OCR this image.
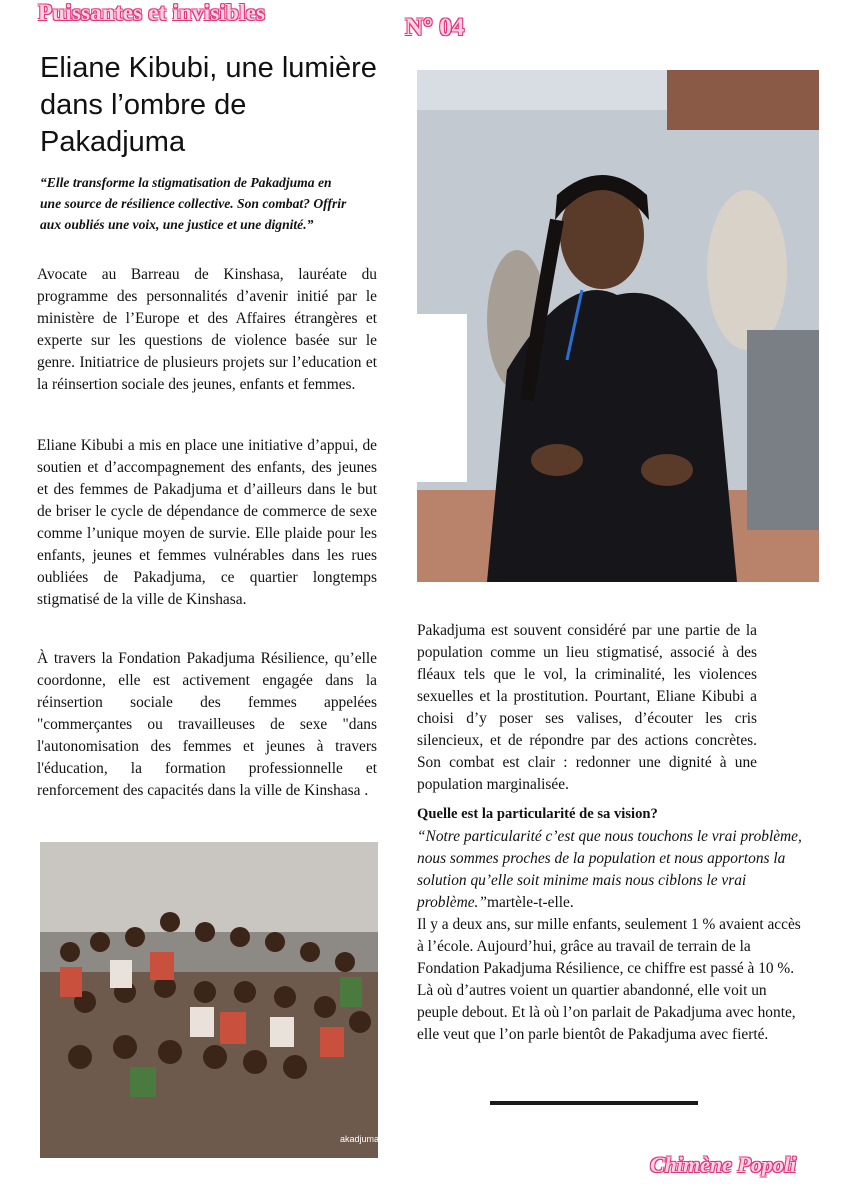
Puissantes et invisibles
N° 04
Eliane Kibubi, une lumière dans l’ombre de Pakadjuma
“Elle transforme la stigmatisation de Pakadjuma en une source de résilience collective. Son combat? Offrir aux oubliés une voix, une justice et une dignité.”
Avocate au Barreau de Kinshasa, lauréate du programme des personnalités d’avenir initié par le ministère de l’Europe et des Affaires étrangères et experte sur les questions de violence basée sur le genre. Initiatrice de plusieurs projets sur l’education et la réinsertion sociale des jeunes, enfants et femmes.
Eliane Kibubi a mis en place une initiative d’appui, de soutien et d’accompagnement des enfants, des jeunes et des femmes de Pakadjuma et d’ailleurs dans le but de briser le cycle de dépendance de commerce de sexe comme l’unique moyen de survie. Elle plaide pour les enfants, jeunes et femmes vulnérables dans les rues oubliées de Pakadjuma, ce quartier longtemps stigmatisé de la ville de Kinshasa.
À travers la Fondation Pakadjuma Résilience, qu’elle coordonne, elle est activement engagée dans la réinsertion sociale des femmes appelées "commerçantes ou travailleuses de sexe "dans l'autonomisation des femmes et jeunes à travers l'éducation, la formation professionnelle et renforcement des capacités dans la ville de Kinshasa .
Pakadjuma est souvent considéré par une partie de la population comme un lieu stigmatisé, associé à des fléaux tels que le vol, la criminalité, les violences sexuelles et la prostitution. Pourtant, Eliane Kibubi a choisi d’y poser ses valises, d’écouter les cris silencieux, et de répondre par des actions concrètes. Son combat est clair : redonner une dignité à une population marginalisée.
Quelle est la particularité de sa vision?
“Notre particularité c’est que nous touchons le vrai problème, nous sommes proches de la population et nous apportons la solution qu’elle soit minime mais nous ciblons le vrai problème.”martèle-t-elle.
Il y a deux ans, sur mille enfants, seulement 1 % avaient accès à l’école. Aujourd’hui, grâce au travail de terrain de la Fondation Pakadjuma Résilience, ce chiffre est passé à 10 %.
Là où d’autres voient un quartier abandonné, elle voit un peuple debout. Et là où l’on parlait de Pakadjuma avec honte, elle veut que l’on parle bientôt de Pakadjuma avec fierté.
akadjuma résilience
Chimène Popoli
